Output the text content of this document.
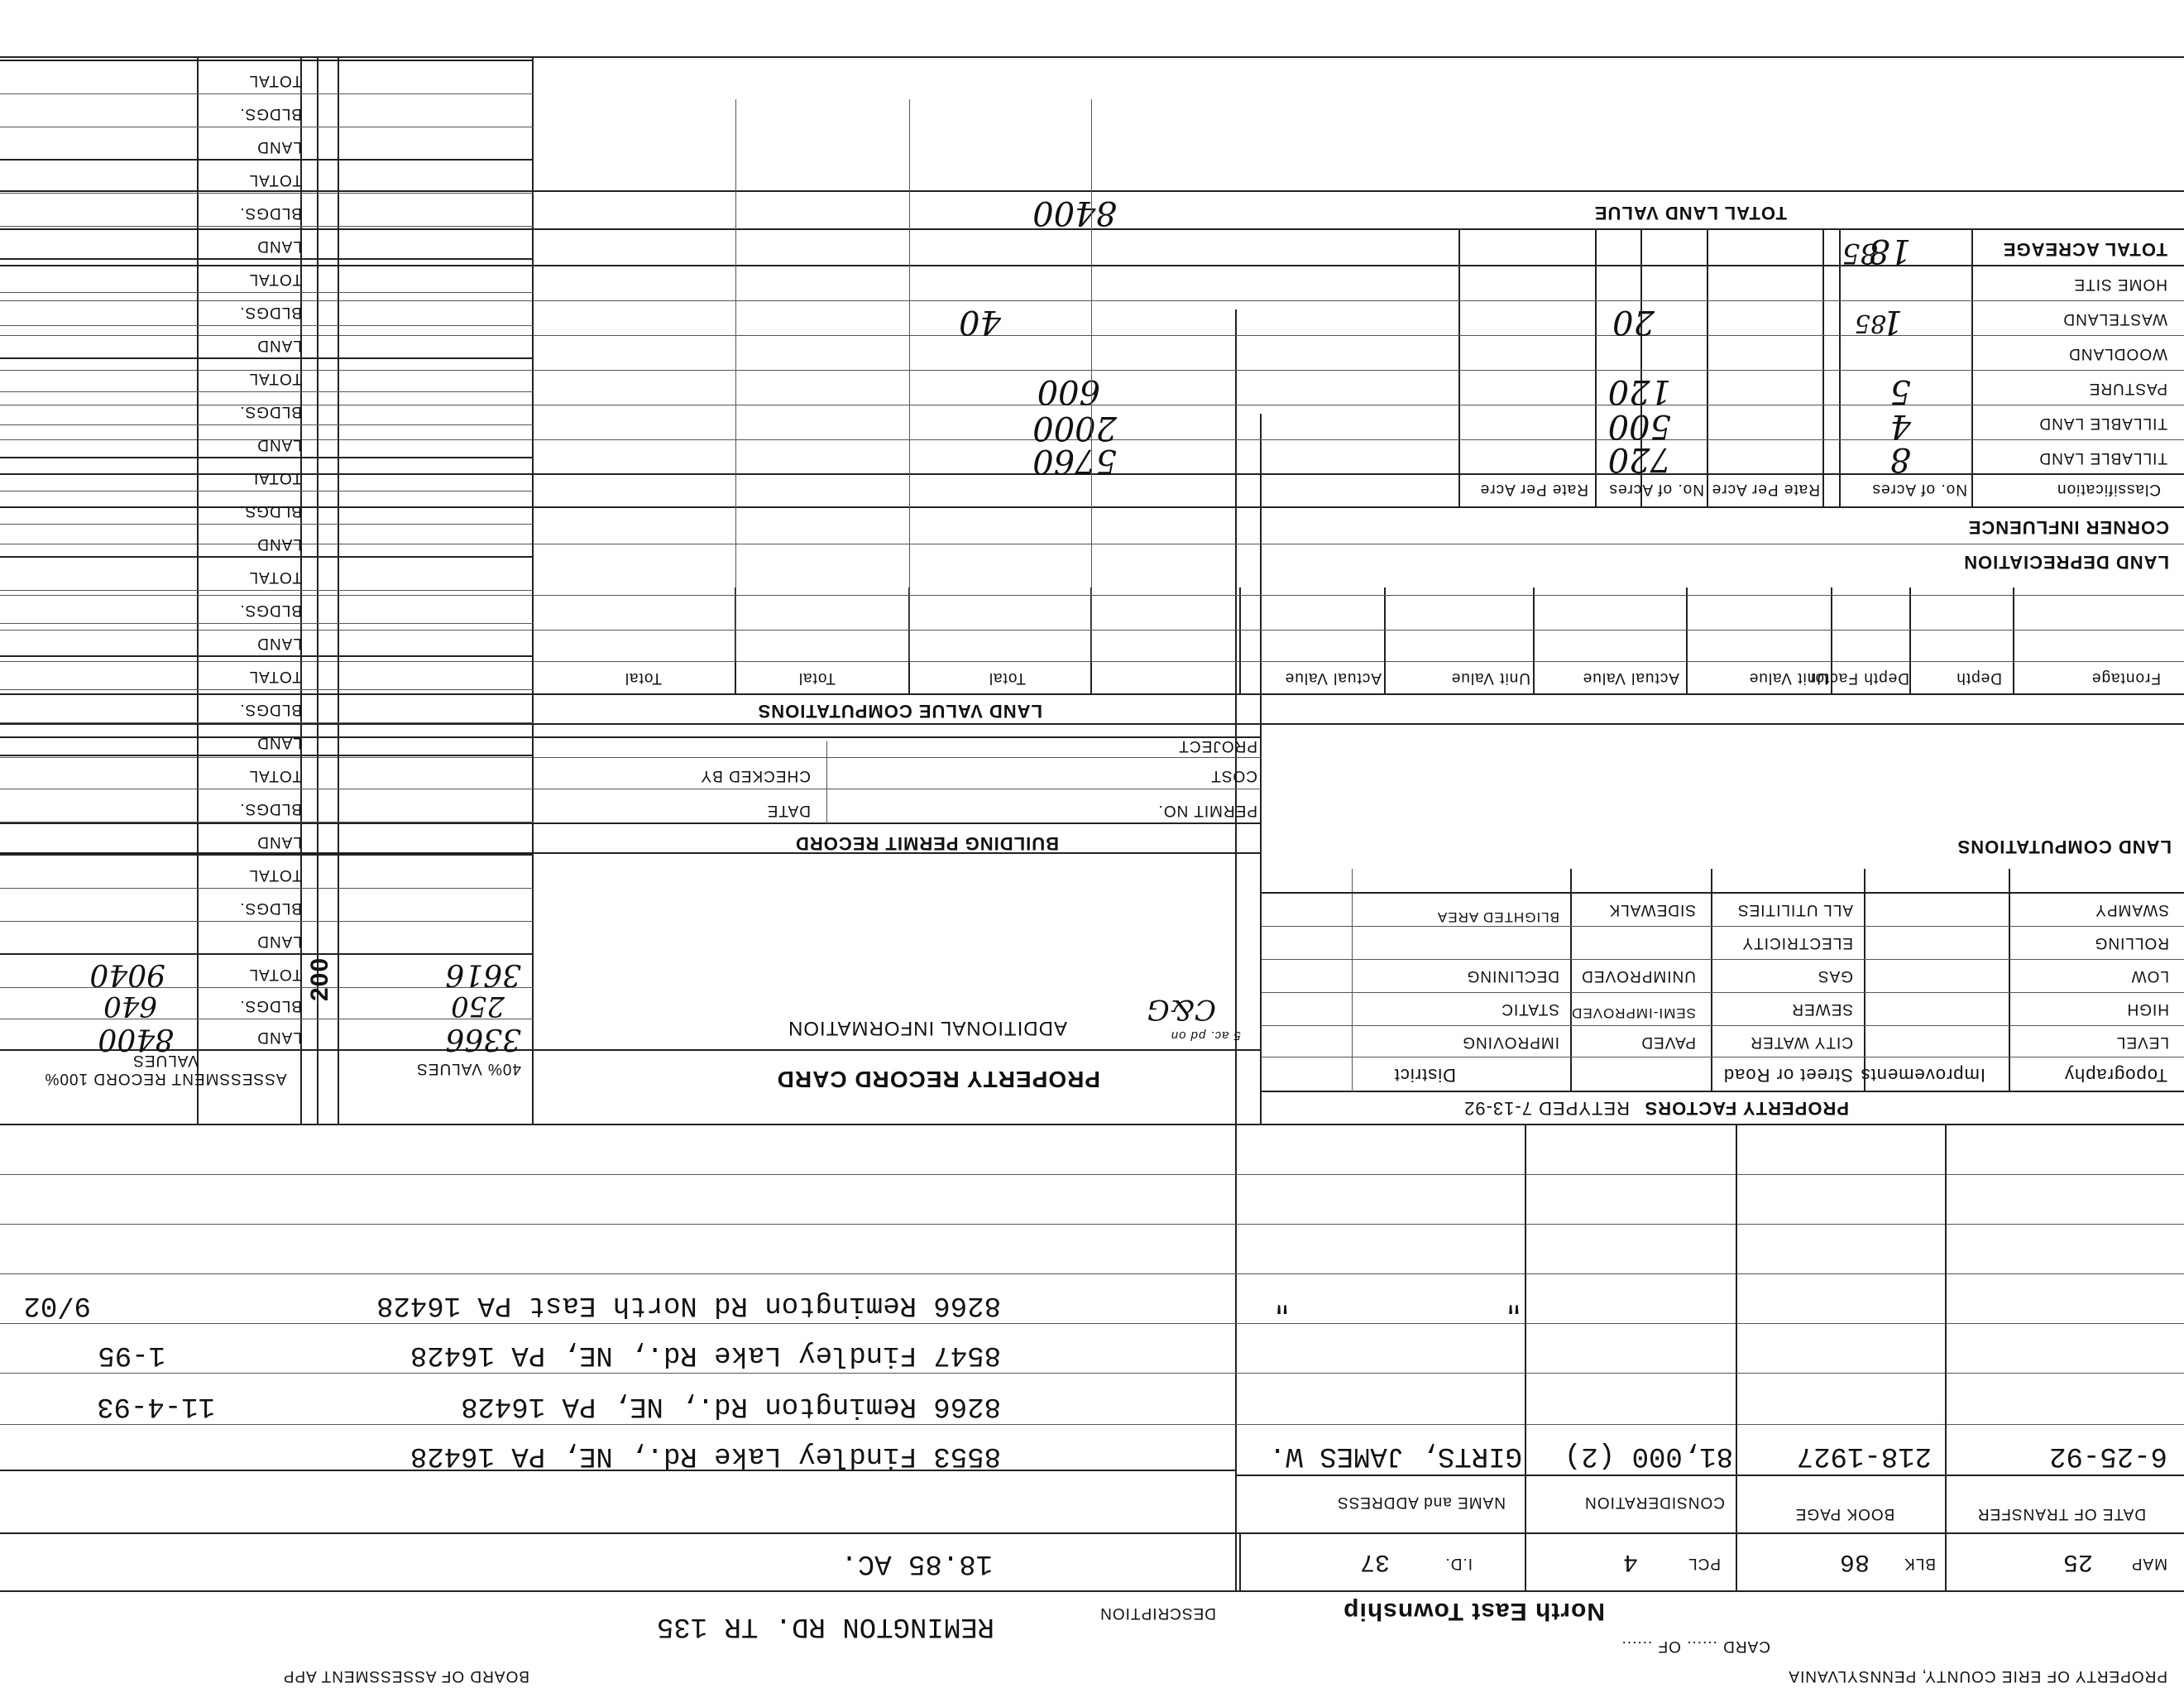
PROPERTY OF ERIE COUNTY, PENNSYLVANIA
BOARD OF ASSESSMENT APP
CARD ...... OF ......
North East Township
DESCRIPTION
REMINGTON RD. TR 135
MAP
25
BLK
86
PCL
4
I.D.
37
18.85 AC.
DATE OF TRANSFER
BOOK PAGE
CONSIDERATION
NAME and ADDRESS
6-25-92
218-1927
81,000 (2)
GIRTS, JAMES W.
8553 Findley Lake Rd., NE, PA 16428
8266 Remington Rd., NE, PA 16428
11-4-93
8547 Findley Lake Rd., NE, PA 16428
1-95
"
"
8266 Remington Rd North East PA 16428
9/02
PROPERTY FACTORS
RETYPED 7-13-92
Topography
Improvements
Street or Road
District
LEVEL
CITY WATER
PAVED
IMPROVING
HIGH
SEWER
SEMI-IMPROVED
STATIC
LOW
GAS
UNIMPROVED
DECLINING
ROLLING
ELECTRICITY
SWAMPY
ALL UTILITIES
SIDEWALK
BLIGHTED AREA
LAND COMPUTATIONS
PROPERTY RECORD CARD
ADDITIONAL INFORMATION
C&G
5 ac. pd on
BUILDING PERMIT RECORD
PERMIT NO.
DATE
COST
CHECKED BY
PROJECT
LAND VALUE COMPUTATIONS
Frontage
Depth
Depth Factor
Unit Value
Actual Value
Unit Value
Actual Value
Total
Total
Total
LAND DEPRECIATION
CORNER INFLUENCE
Classification
No. of Acres
Rate Per Acre
No. of Acres
Rate Per Acre
TILLABLE LAND
8
720
5760
TILLABLE LAND
4
500
2000
PASTURE
5
120
600
WOODLAND
WASTELAND
1
85
20
40
HOME SITE
TOTAL ACREAGE
18
85
TOTAL LAND VALUE
8400
40% VALUES
ASSESSMENT RECORD 100% VALUES
LAND
BLDGS.
TOTAL
3366
250
3616
8400
640
9040	200
LAND
BLDGS.
TOTAL
LAND
BLDGS.
TOTAL
LAND
BLDGS.
TOTAL
LAND
BLDGS.
TOTAL
LAND
BLDGS.
TOTAL
LAND
BLDGS.
TOTAL
LAND
BLDGS.
TOTAL
LAND
BLDGS.
TOTAL
LAND
BLDGS.
TOTAL
